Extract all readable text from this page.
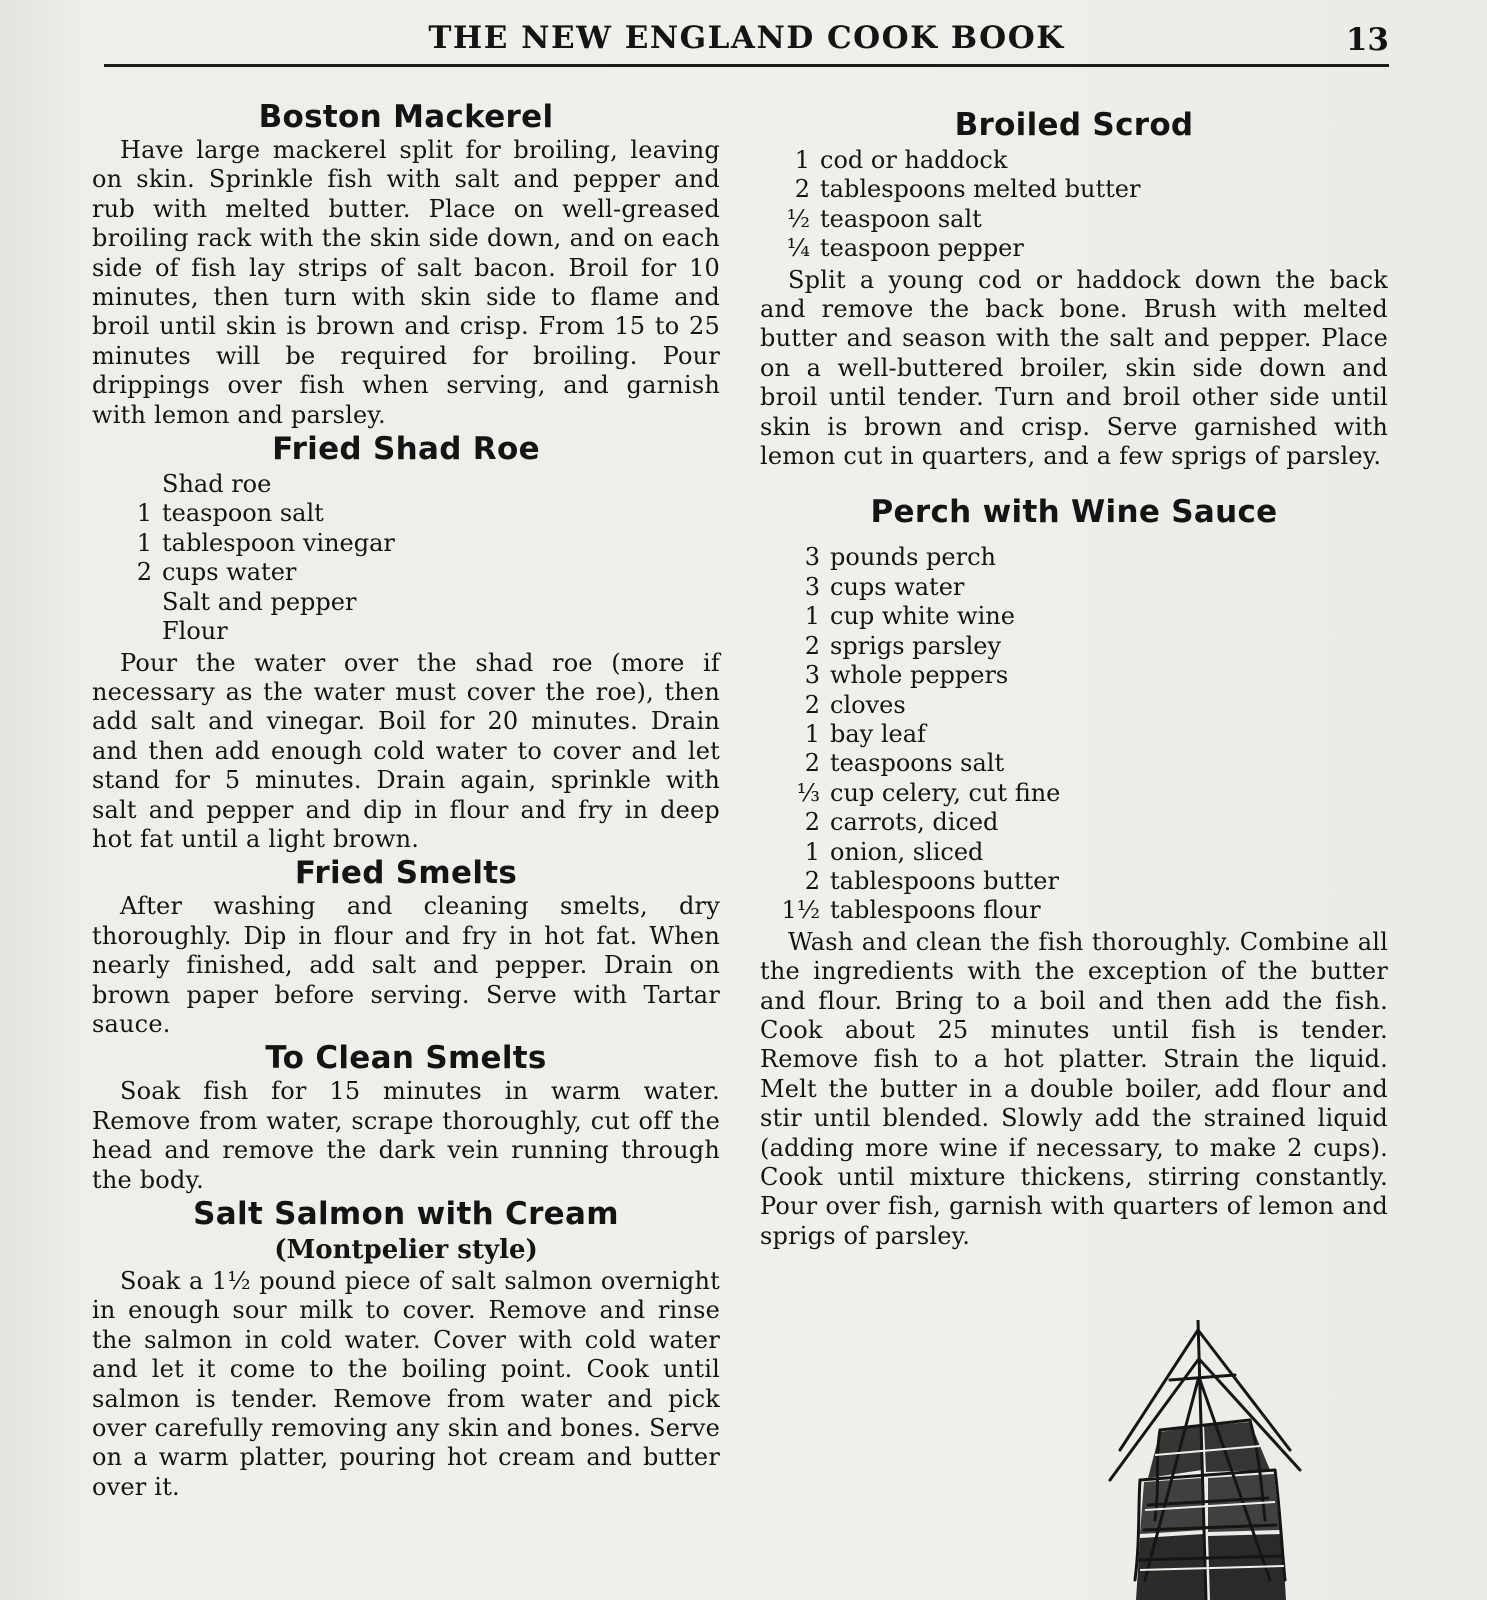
THE NEW ENGLAND COOK BOOK	13
Boston Mackerel

Have large mackerel split for broiling, leaving on skin. Sprinkle fish with salt and pepper and rub with melted butter. Place on well-greased broiling rack with the skin side down, and on each side of fish lay strips of salt bacon. Broil for 10 minutes, then turn with skin side to flame and broil until skin is brown and crisp. From 15 to 25 minutes will be required for broiling. Pour drippings over fish when serving, and garnish with lemon and parsley.

Fried Shad Roe
Shad roe
1 teaspoon salt
1 tablespoon vinegar
2 cups water
Salt and pepper
Flour

Pour the water over the shad roe (more if necessary as the water must cover the roe), then add salt and vinegar. Boil for 20 minutes. Drain and then add enough cold water to cover and let stand for 5 minutes. Drain again, sprinkle with salt and pepper and dip in flour and fry in deep hot fat until a light brown.

Fried Smelts

After washing and cleaning smelts, dry thoroughly. Dip in flour and fry in hot fat. When nearly finished, add salt and pepper. Drain on brown paper before serving. Serve with Tartar sauce.

To Clean Smelts

Soak fish for 15 minutes in warm water. Remove from water, scrape thoroughly, cut off the head and remove the dark vein running through the body.

Salt Salmon with Cream
(Montpelier style)

Soak a 1½ pound piece of salt salmon overnight in enough sour milk to cover. Remove and rinse the salmon in cold water. Cover with cold water and let it come to the boiling point. Cook until salmon is tender. Remove from water and pick over carefully removing any skin and bones. Serve on a warm platter, pouring hot cream and butter over it.

Broiled Scrod
1 cod or haddock
2 tablespoons melted butter
½ teaspoon salt
¼ teaspoon pepper

Split a young cod or haddock down the back and remove the back bone. Brush with melted butter and season with the salt and pepper. Place on a well-buttered broiler, skin side down and broil until tender. Turn and broil other side until skin is brown and crisp. Serve garnished with lemon cut in quarters, and a few sprigs of parsley.

Perch with Wine Sauce
3 pounds perch
3 cups water
1 cup white wine
2 sprigs parsley
3 whole peppers
2 cloves
1 bay leaf
2 teaspoons salt
⅓ cup celery, cut fine
2 carrots, diced
1 onion, sliced
2 tablespoons butter
1½ tablespoons flour

Wash and clean the fish thoroughly. Combine all the ingredients with the exception of the butter and flour. Bring to a boil and then add the fish. Cook about 25 minutes until fish is tender. Remove fish to a hot platter. Strain the liquid. Melt the butter in a double boiler, add flour and stir until blended. Slowly add the strained liquid (adding more wine if necessary, to make 2 cups). Cook until mixture thickens, stirring constantly. Pour over fish, garnish with quarters of lemon and sprigs of parsley.
